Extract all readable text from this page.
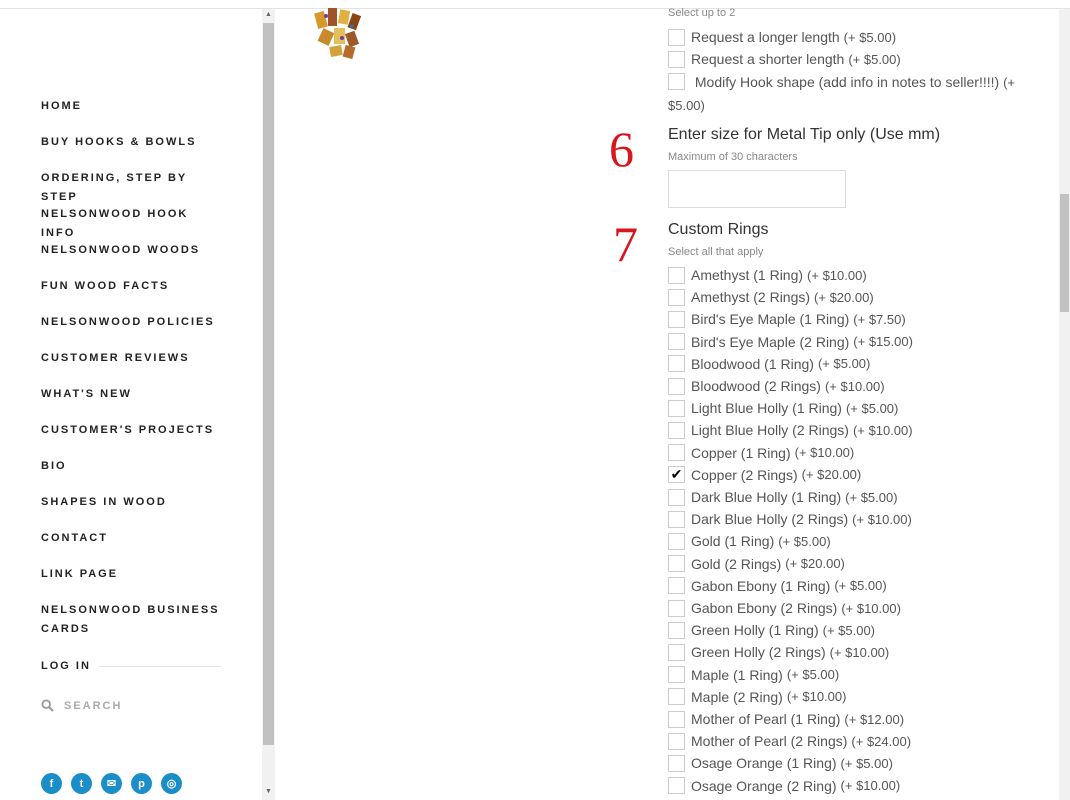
HOME
BUY HOOKS & BOWLS
ORDERING, STEP BY STEP
NELSONWOOD HOOK INFO
NELSONWOOD WOODS
FUN WOOD FACTS
NELSONWOOD POLICIES
CUSTOMER REVIEWS
WHAT'S NEW
CUSTOMER'S PROJECTS
BIO
SHAPES IN WOOD
CONTACT
LINK PAGE
NELSONWOOD BUSINESS
CARDS
LOG IN
SEARCH
f	t	✉	p	◎
▲
▼
Select up to 2
Request a longer length (+ $5.00)
Request a shorter length (+ $5.00)
Modify Hook shape (add info in notes to seller!!!!) (+
$5.00)
Enter size for Metal Tip only (Use mm)
Maximum of 30 characters
Custom Rings
Select all that apply
Amethyst (1 Ring) (+ $10.00)
Amethyst (2 Rings) (+ $20.00)
Bird's Eye Maple (1 Ring) (+ $7.50)
Bird's Eye Maple (2 Ring) (+ $15.00)
Bloodwood (1 Ring) (+ $5.00)
Bloodwood (2 Rings) (+ $10.00)
Light Blue Holly (1 Ring) (+ $5.00)
Light Blue Holly (2 Rings) (+ $10.00)
Copper (1 Ring) (+ $10.00)
✔ Copper (2 Rings) (+ $20.00)
Dark Blue Holly (1 Ring) (+ $5.00)
Dark Blue Holly (2 Rings) (+ $10.00)
Gold (1 Ring) (+ $5.00)
Gold (2 Rings) (+ $20.00)
Gabon Ebony (1 Ring) (+ $5.00)
Gabon Ebony (2 Rings) (+ $10.00)
Green Holly (1 Ring) (+ $5.00)
Green Holly (2 Rings) (+ $10.00)
Maple (1 Ring) (+ $5.00)
Maple (2 Ring) (+ $10.00)
Mother of Pearl (1 Ring) (+ $12.00)
Mother of Pearl (2 Rings) (+ $24.00)
Osage Orange (1 Ring) (+ $5.00)
Osage Orange (2 Ring) (+ $10.00)
6
7
